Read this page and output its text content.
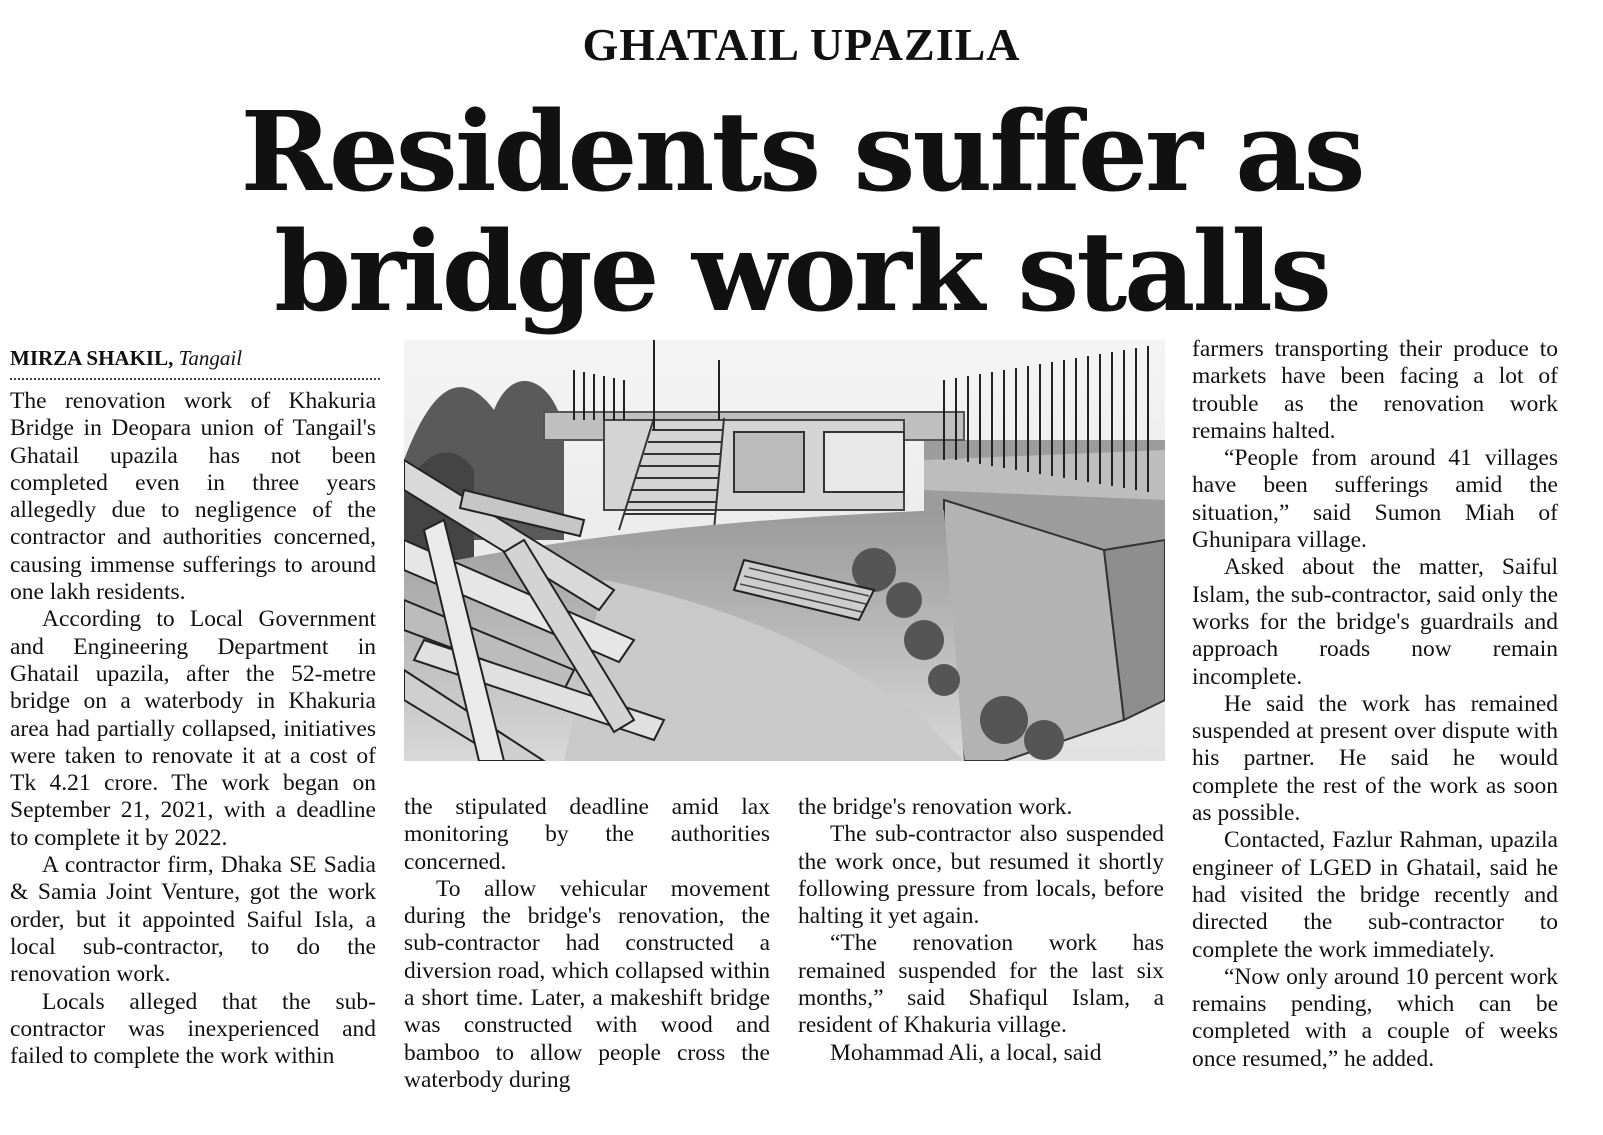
GHATAIL UPAZILA
Residents suffer as
bridge work stalls
MIRZA SHAKIL, Tangail

The renovation work of Khakuria Bridge in Deopara union of Tangail's Ghatail upazila has not been completed even in three years allegedly due to negligence of the contractor and authorities concerned, causing immense sufferings to around one lakh residents.

According to Local Government and Engineering Department in Ghatail upazila, after the 52-metre bridge on a waterbody in Khakuria area had partially collapsed, initiatives were taken to renovate it at a cost of Tk 4.21 crore. The work began on September 21, 2021, with a deadline to complete it by 2022.

A contractor firm, Dhaka SE Sadia & Samia Joint Venture, got the work order, but it appointed Saiful Isla, a local sub-contractor, to do the renovation work.

Locals alleged that the sub-contractor was inexperienced and failed to complete the work within

the stipulated deadline amid lax monitoring by the authorities concerned.

To allow vehicular movement during the bridge's renovation, the sub-contractor had constructed a diversion road, which collapsed within a short time. Later, a makeshift bridge was constructed with wood and bamboo to allow people cross the waterbody during

the bridge's renovation work.

The sub-contractor also suspended the work once, but resumed it shortly following pressure from locals, before halting it yet again.

“The renovation work has remained suspended for the last six months,” said Shafiqul Islam, a resident of Khakuria village.

Mohammad Ali, a local, said

farmers transporting their produce to markets have been facing a lot of trouble as the renovation work remains halted.

“People from around 41 villages have been sufferings amid the situation,” said Sumon Miah of Ghunipara village.

Asked about the matter, Saiful Islam, the sub-contractor, said only the works for the bridge's guardrails and approach roads now remain incomplete.

He said the work has remained suspended at present over dispute with his partner. He said he would complete the rest of the work as soon as possible.

Contacted, Fazlur Rahman, upazila engineer of LGED in Ghatail, said he had visited the bridge recently and directed the sub-contractor to complete the work immediately.

“Now only around 10 percent work remains pending, which can be completed with a couple of weeks once resumed,” he added.
